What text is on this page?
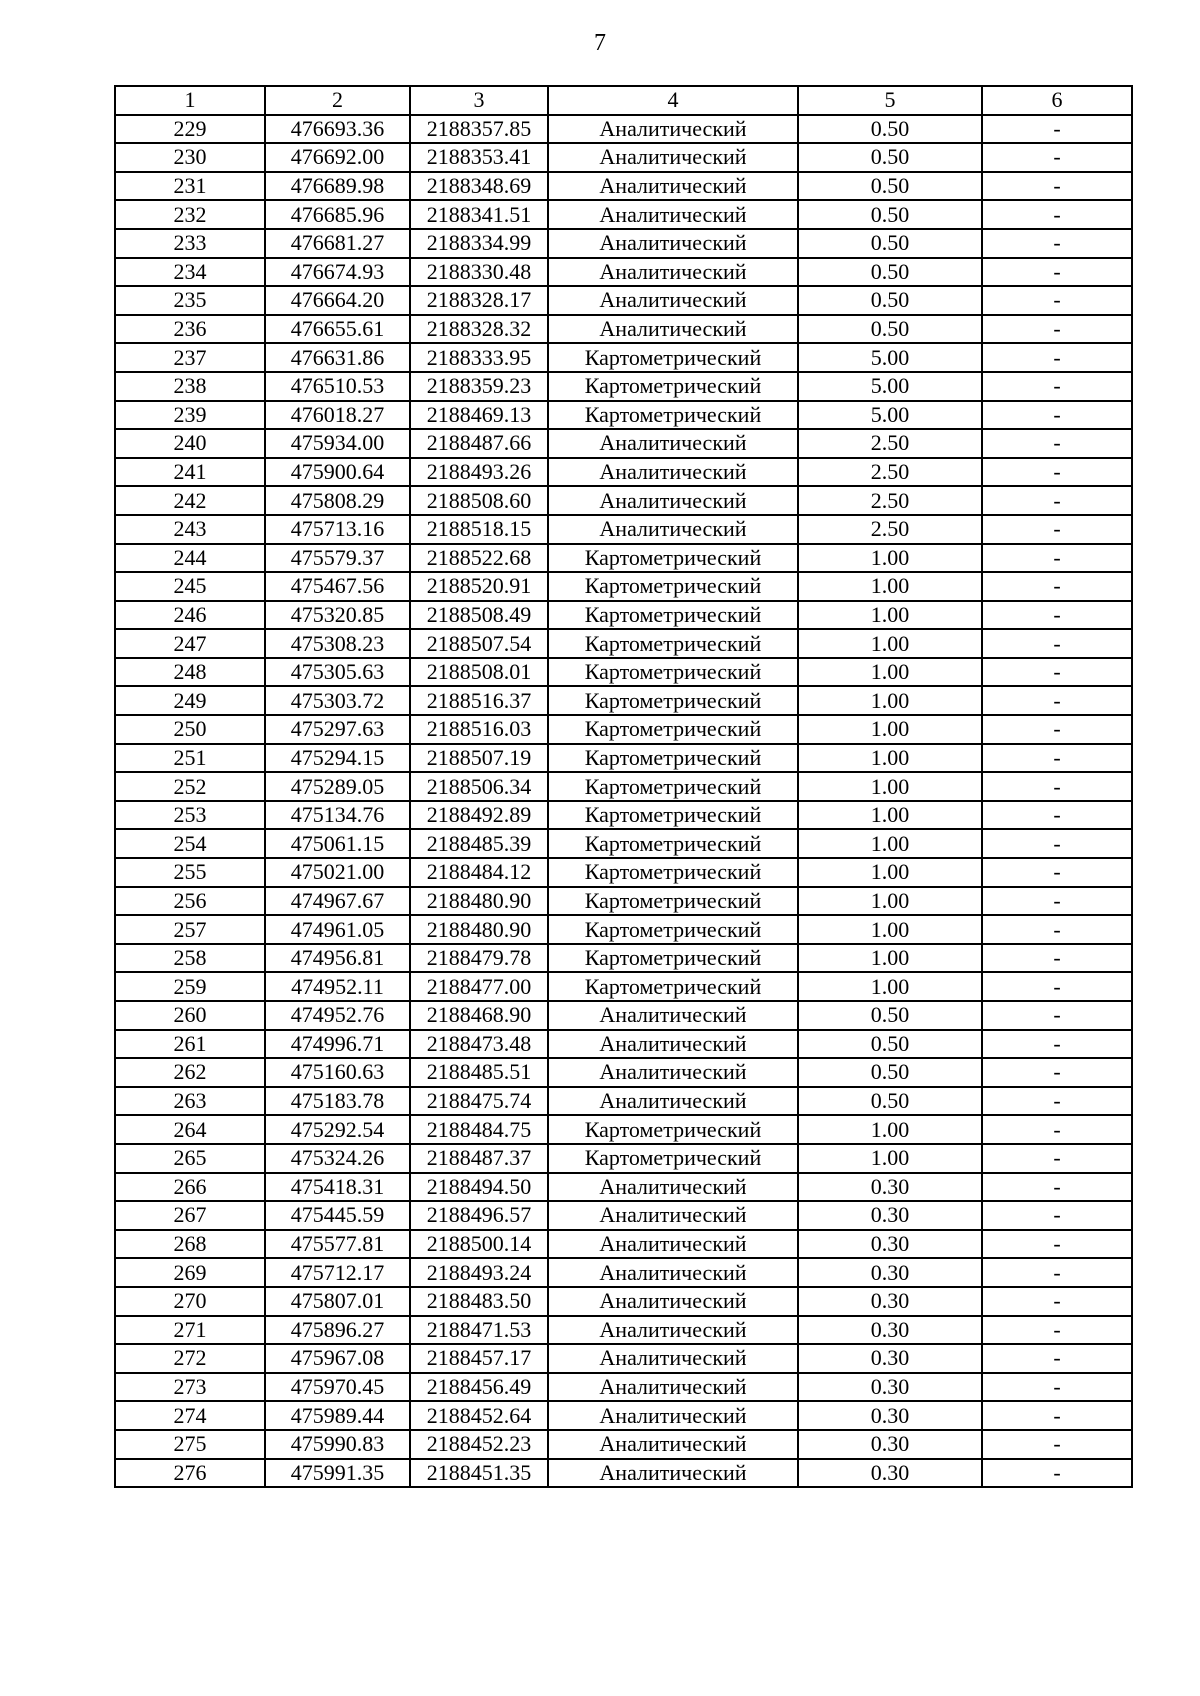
7
1	2	3	4	5	6
229	476693.36	2188357.85	Аналитический	0.50	-
230	476692.00	2188353.41	Аналитический	0.50	-
231	476689.98	2188348.69	Аналитический	0.50	-
232	476685.96	2188341.51	Аналитический	0.50	-
233	476681.27	2188334.99	Аналитический	0.50	-
234	476674.93	2188330.48	Аналитический	0.50	-
235	476664.20	2188328.17	Аналитический	0.50	-
236	476655.61	2188328.32	Аналитический	0.50	-
237	476631.86	2188333.95	Картометрический	5.00	-
238	476510.53	2188359.23	Картометрический	5.00	-
239	476018.27	2188469.13	Картометрический	5.00	-
240	475934.00	2188487.66	Аналитический	2.50	-
241	475900.64	2188493.26	Аналитический	2.50	-
242	475808.29	2188508.60	Аналитический	2.50	-
243	475713.16	2188518.15	Аналитический	2.50	-
244	475579.37	2188522.68	Картометрический	1.00	-
245	475467.56	2188520.91	Картометрический	1.00	-
246	475320.85	2188508.49	Картометрический	1.00	-
247	475308.23	2188507.54	Картометрический	1.00	-
248	475305.63	2188508.01	Картометрический	1.00	-
249	475303.72	2188516.37	Картометрический	1.00	-
250	475297.63	2188516.03	Картометрический	1.00	-
251	475294.15	2188507.19	Картометрический	1.00	-
252	475289.05	2188506.34	Картометрический	1.00	-
253	475134.76	2188492.89	Картометрический	1.00	-
254	475061.15	2188485.39	Картометрический	1.00	-
255	475021.00	2188484.12	Картометрический	1.00	-
256	474967.67	2188480.90	Картометрический	1.00	-
257	474961.05	2188480.90	Картометрический	1.00	-
258	474956.81	2188479.78	Картометрический	1.00	-
259	474952.11	2188477.00	Картометрический	1.00	-
260	474952.76	2188468.90	Аналитический	0.50	-
261	474996.71	2188473.48	Аналитический	0.50	-
262	475160.63	2188485.51	Аналитический	0.50	-
263	475183.78	2188475.74	Аналитический	0.50	-
264	475292.54	2188484.75	Картометрический	1.00	-
265	475324.26	2188487.37	Картометрический	1.00	-
266	475418.31	2188494.50	Аналитический	0.30	-
267	475445.59	2188496.57	Аналитический	0.30	-
268	475577.81	2188500.14	Аналитический	0.30	-
269	475712.17	2188493.24	Аналитический	0.30	-
270	475807.01	2188483.50	Аналитический	0.30	-
271	475896.27	2188471.53	Аналитический	0.30	-
272	475967.08	2188457.17	Аналитический	0.30	-
273	475970.45	2188456.49	Аналитический	0.30	-
274	475989.44	2188452.64	Аналитический	0.30	-
275	475990.83	2188452.23	Аналитический	0.30	-
276	475991.35	2188451.35	Аналитический	0.30	-
